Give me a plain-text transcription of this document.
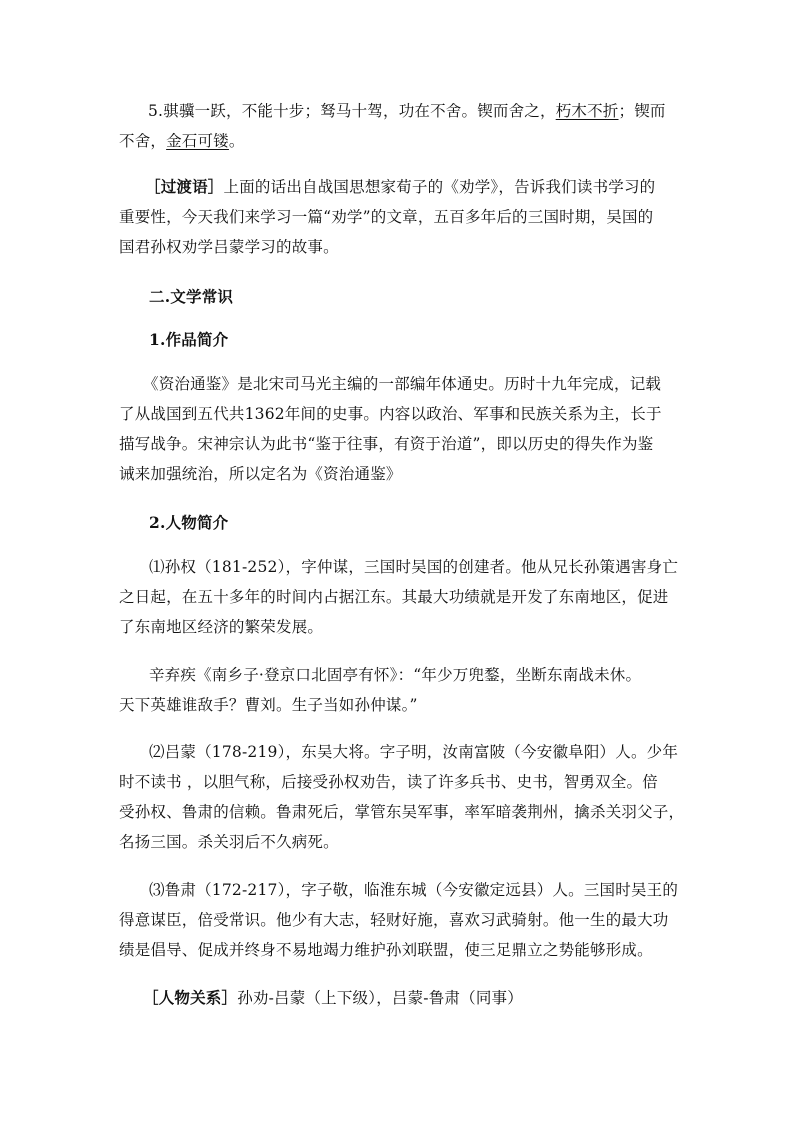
5.骐骥一跃，不能十步；驽马十驾，功在不舍。锲而舍之，朽木不折；锲而
不舍，金石可镂。
［过渡语］上面的话出自战国思想家荀子的《劝学》，告诉我们读书学习的
重要性，今天我们来学习一篇“劝学”的文章，五百多年后的三国时期，吴国的
国君孙权劝学吕蒙学习的故事。
二.文学常识
1.作品简介
《资治通鉴》是北宋司马光主编的一部编年体通史。历时十九年完成，记载
了从战国到五代共1362年间的史事。内容以政治、军事和民族关系为主，长于
描写战争。宋神宗认为此书“鉴于往事，有资于治道”，即以历史的得失作为鉴
诫来加强统治，所以定名为《资治通鉴》
2.人物简介
⑴孙权（181-252），字仲谋，三国时吴国的创建者。他从兄长孙策遇害身亡
之日起，在五十多年的时间内占据江东。其最大功绩就是开发了东南地区，促进
了东南地区经济的繁荣发展。
辛弃疾《南乡子·登京口北固亭有怀》：“年少万兜鍪，坐断东南战未休。
天下英雄谁敌手？曹刘。生子当如孙仲谋。”
⑵吕蒙（178-219），东吴大将。字子明，汝南富陂（今安徽阜阳）人。少年
时不读书 ，以胆气称，后接受孙权劝告，读了许多兵书、史书，智勇双全。倍
受孙权、鲁肃的信赖。鲁肃死后，掌管东吴军事，率军暗袭荆州，擒杀关羽父子，
名扬三国。杀关羽后不久病死。
⑶鲁肃（172-217），字子敬，临淮东城（今安徽定远县）人。三国时吴王的
得意谋臣，倍受常识。他少有大志，轻财好施，喜欢习武骑射。他一生的最大功
绩是倡导、促成并终身不易地竭力维护孙刘联盟，使三足鼎立之势能够形成。
［人物关系］孙劝-吕蒙（上下级），吕蒙-鲁肃（同事）
